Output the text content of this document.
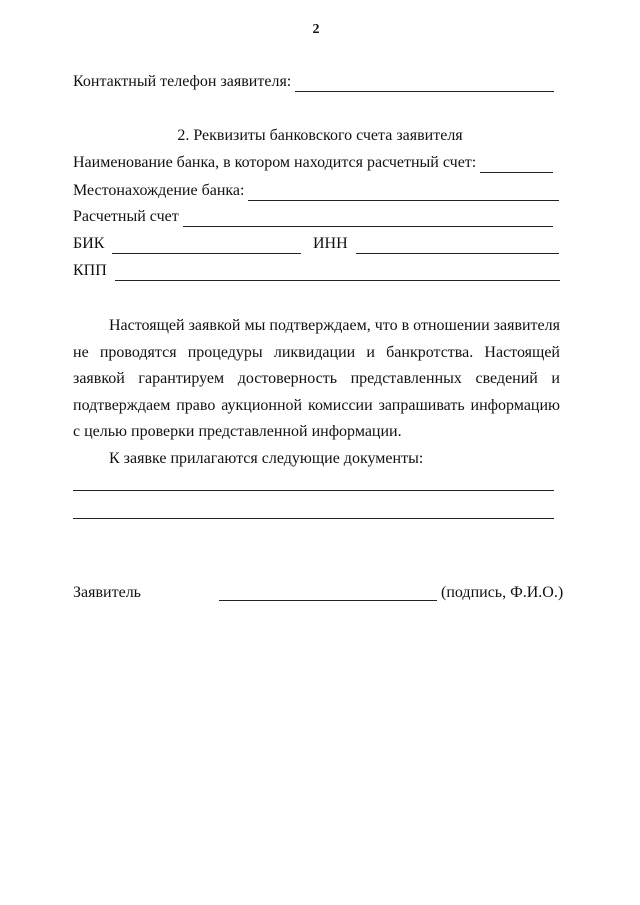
2
Контактный телефон заявителя:
2. Реквизиты банковского счета заявителя
Наименование банка, в котором находится расчетный счет:
Местонахождение банка:
Расчетный счет
БИК	ИНН
КПП
Настоящей заявкой мы подтверждаем, что в отношении заявителя не проводятся процедуры ликвидации и банкротства. Настоящей заявкой гарантируем достоверность представленных сведений и подтверждаем право аукционной комиссии запрашивать информацию с целью проверки представленной информации.
К заявке прилагаются следующие документы:
Заявитель	(подпись, Ф.И.О.)
